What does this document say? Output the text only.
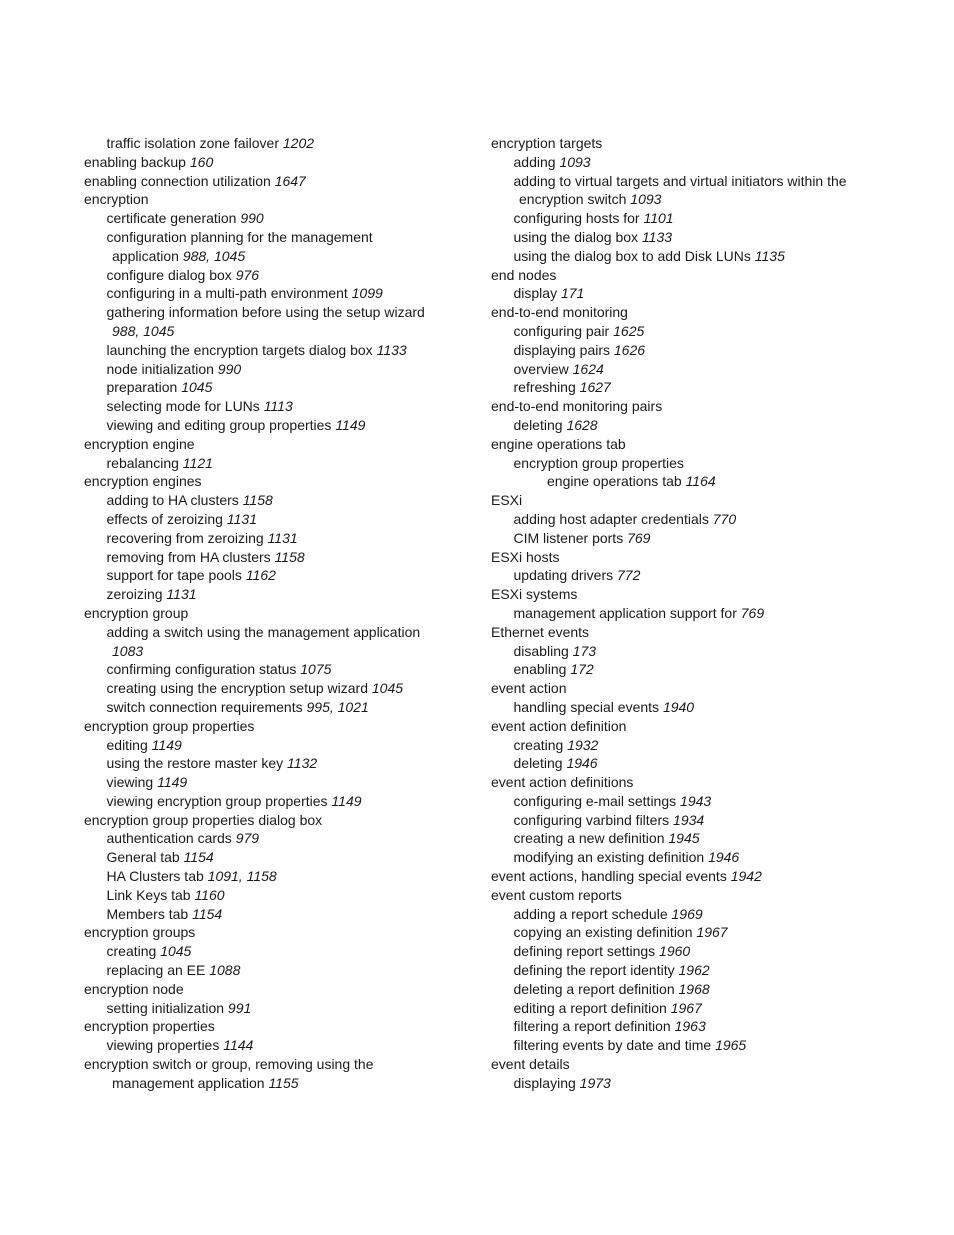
traffic isolation zone failover 1202
enabling backup 160
enabling connection utilization 1647
encryption
certificate generation 990
configuration planning for the management
application 988, 1045
configure dialog box 976
configuring in a multi-path environment 1099
gathering information before using the setup wizard
988, 1045
launching the encryption targets dialog box 1133
node initialization 990
preparation 1045
selecting mode for LUNs 1113
viewing and editing group properties 1149
encryption engine
rebalancing 1121
encryption engines
adding to HA clusters 1158
effects of zeroizing 1131
recovering from zeroizing 1131
removing from HA clusters 1158
support for tape pools 1162
zeroizing 1131
encryption group
adding a switch using the management application
1083
confirming configuration status 1075
creating using the encryption setup wizard 1045
switch connection requirements 995, 1021
encryption group properties
editing 1149
using the restore master key 1132
viewing 1149
viewing encryption group properties 1149
encryption group properties dialog box
authentication cards 979
General tab 1154
HA Clusters tab 1091, 1158
Link Keys tab 1160
Members tab 1154
encryption groups
creating 1045
replacing an EE 1088
encryption node
setting initialization 991
encryption properties
viewing properties 1144
encryption switch or group, removing using the
management application 1155
encryption targets
adding 1093
adding to virtual targets and virtual initiators within the
encryption switch 1093
configuring hosts for 1101
using the dialog box 1133
using the dialog box to add Disk LUNs 1135
end nodes
display 171
end-to-end monitoring
configuring pair 1625
displaying pairs 1626
overview 1624
refreshing 1627
end-to-end monitoring pairs
deleting 1628
engine operations tab
encryption group properties
engine operations tab 1164
ESXi
adding host adapter credentials 770
CIM listener ports 769
ESXi hosts
updating drivers 772
ESXi systems
management application support for 769
Ethernet events
disabling 173
enabling 172
event action
handling special events 1940
event action definition
creating 1932
deleting 1946
event action definitions
configuring e-mail settings 1943
configuring varbind filters 1934
creating a new definition 1945
modifying an existing definition 1946
event actions, handling special events 1942
event custom reports
adding a report schedule 1969
copying an existing definition 1967
defining report settings 1960
defining the report identity 1962
deleting a report definition 1968
editing a report definition 1967
filtering a report definition 1963
filtering events by date and time 1965
event details
displaying 1973
